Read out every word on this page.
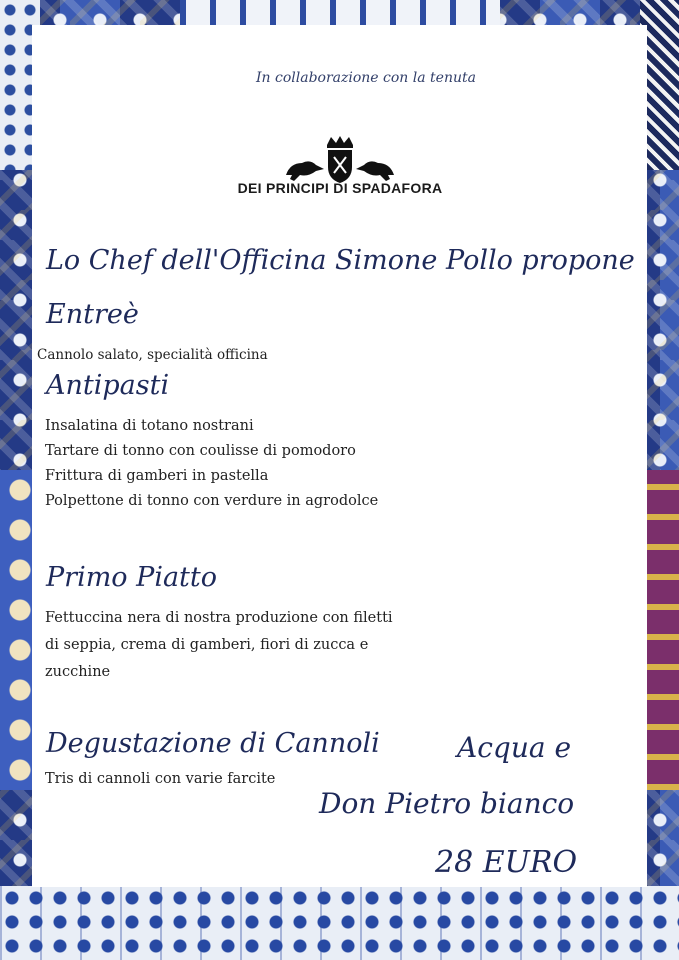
In collaborazione con la tenuta
DEI PRINCIPI DI SPADAFORA
Lo Chef dell'Officina Simone Pollo propone
Entreè
Cannolo salato, specialità officina
Antipasti
Insalatina di totano nostrani
Tartare di tonno con coulisse di pomodoro
Frittura di gamberi in pastella
Polpettone di tonno con verdure in agrodolce
Primo Piatto
Fettuccina nera di nostra produzione con filetti di seppia, crema di gamberi, fiori di zucca e zucchine
Degustazione di Cannoli
Tris di cannoli con varie farcite
Acqua e
Don Pietro bianco
28 EURO
